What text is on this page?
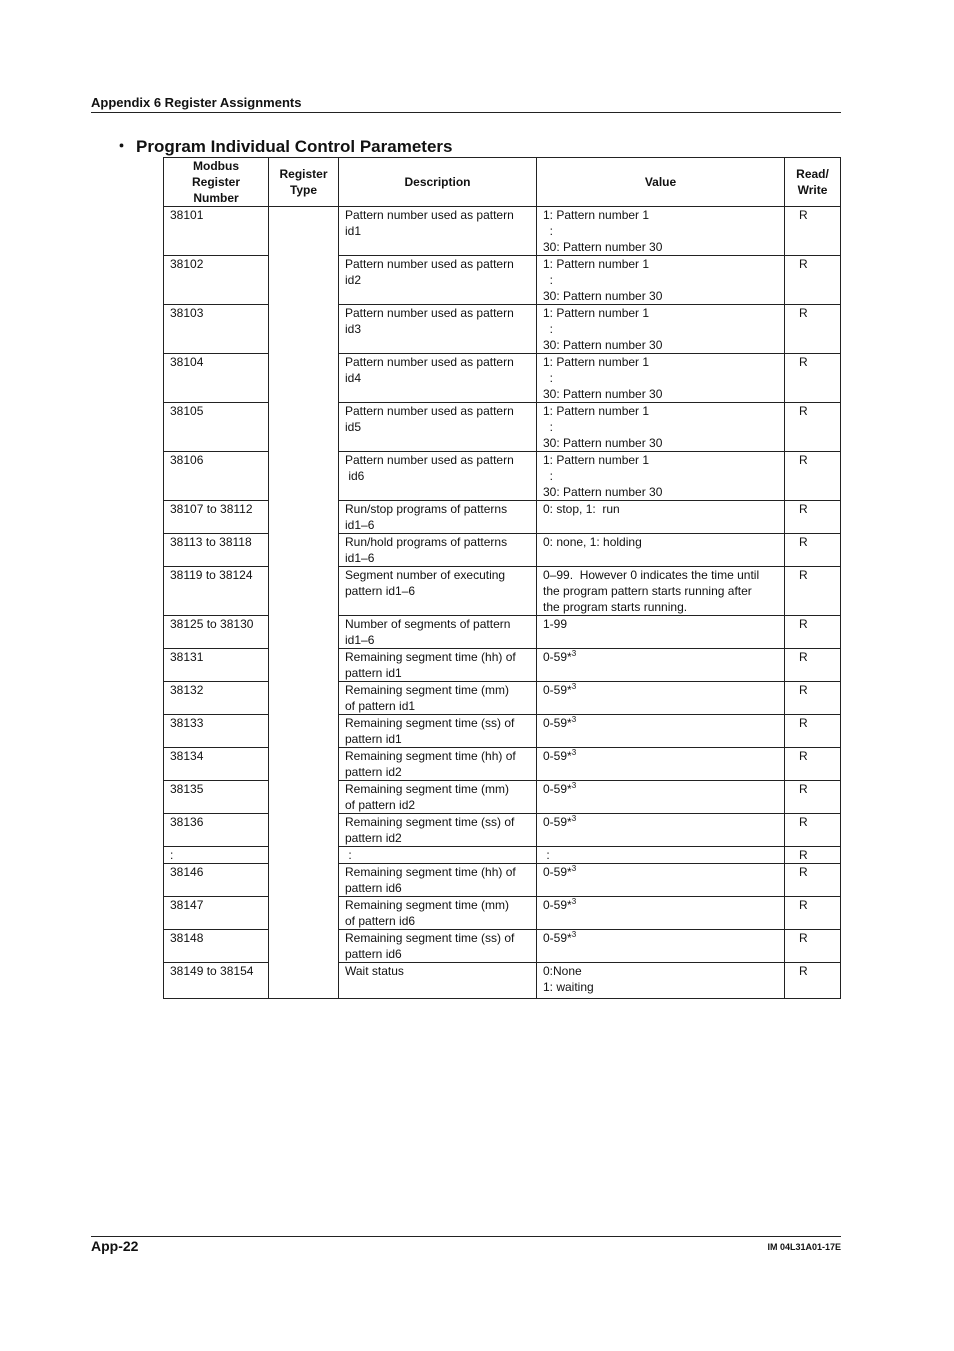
Appendix 6 Register Assignments
・ Program Individual Control Parameters
Modbus
Register
Number	Register
Type	Description	Value	Read/
Write

38101		Pattern number used as pattern
id1	1: Pattern number 1
:
30: Pattern number 30	R

38102		Pattern number used as pattern
id2	1: Pattern number 1
:
30: Pattern number 30	R

38103		Pattern number used as pattern
id3	1: Pattern number 1
:
30: Pattern number 30	R

38104		Pattern number used as pattern
id4	1: Pattern number 1
:
30: Pattern number 30	R

38105		Pattern number used as pattern
id5	1: Pattern number 1
:
30: Pattern number 30	R

38106		Pattern number used as pattern
id6	1: Pattern number 1
:
30: Pattern number 30	R

38107 to 38112		Run/stop programs of patterns
id1–6	0: stop, 1:  run	R

38113 to 38118		Run/hold programs of patterns
id1–6	0: none, 1: holding	R

38119 to 38124		Segment number of executing
pattern id1–6	0–99.  However 0 indicates the time until
the program pattern starts running after
the program starts running.	R

38125 to 38130		Number of segments of pattern
id1–6	1-99	R

38131		Remaining segment time (hh) of
pattern id1	0-59*$^3$	R

38132		Remaining segment time (mm)
of pattern id1	0-59*$^3$	R

38133		Remaining segment time (ss) of
pattern id1	0-59*$^3$	R

38134		Remaining segment time (hh) of
pattern id2	0-59*$^3$	R

38135		Remaining segment time (mm)
of pattern id2	0-59*$^3$	R

38136		Remaining segment time (ss) of
pattern id2	0-59*$^3$	R

:		:	:	R

38146		Remaining segment time (hh) of
pattern id6	0-59*$^3$	R

38147		Remaining segment time (mm)
of pattern id6	0-59*$^3$	R

38148		Remaining segment time (ss) of
pattern id6	0-59*$^3$	R

38149 to 38154		Wait status	0:None
1: waiting	R
App-22	IM 04L31A01-17E
